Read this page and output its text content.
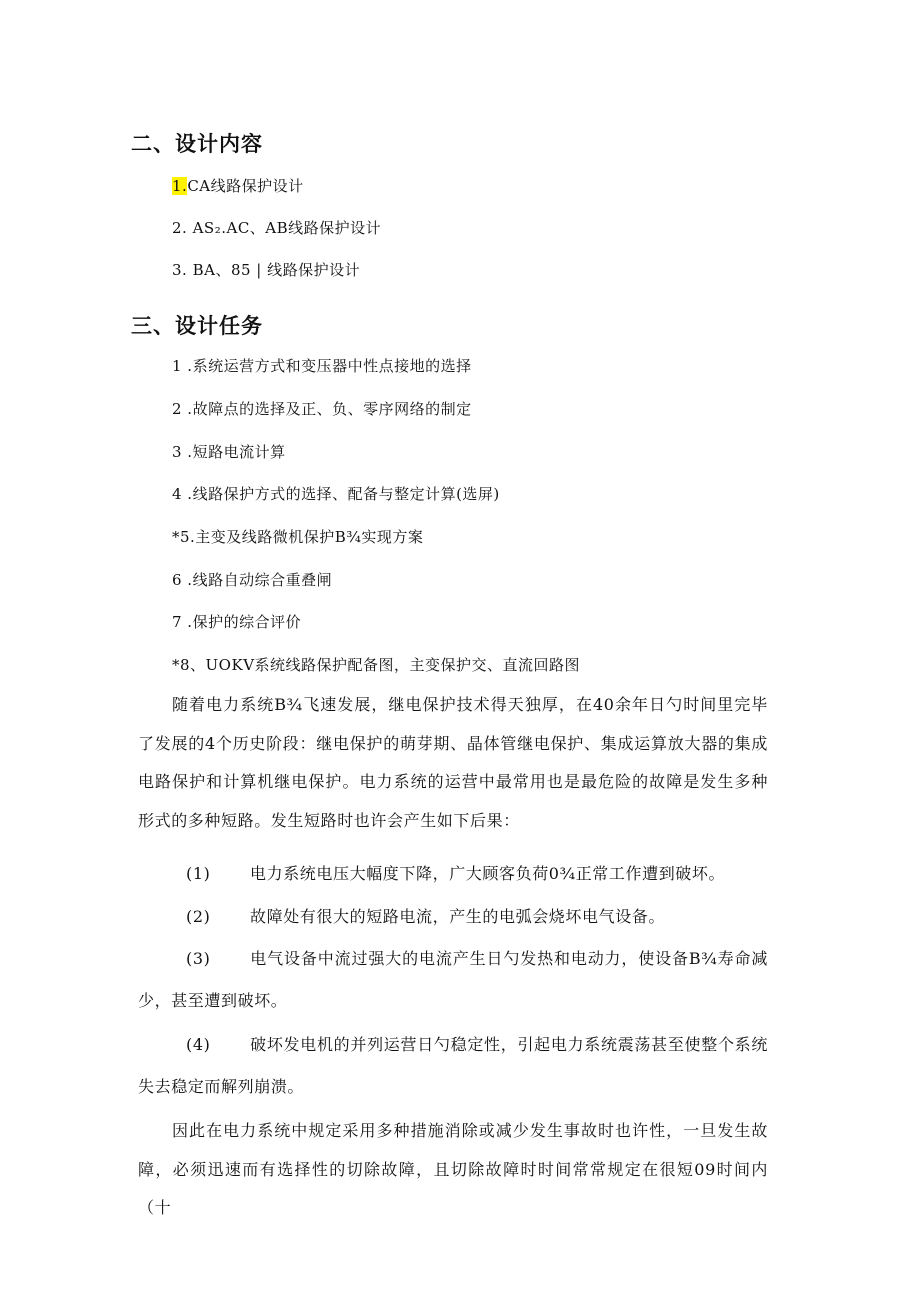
二、设计内容
1.CA线路保护设计
2. AS₂.AC、AB线路保护设计
3. BA、85 | 线路保护设计
三、设计任务
1 .系统运营方式和变压器中性点接地的选择
2 .故障点的选择及正、负、零序网络的制定
3 .短路电流计算
4 .线路保护方式的选择、配备与整定计算(选屏)
*5.主变及线路微机保护B¾实现方案
6 .线路自动综合重叠闸
7 .保护的综合评价
*8、UOKV系统线路保护配备图，主变保护交、直流回路图
随着电力系统B¾飞速发展，继电保护技术得天独厚，在40余年日勺时间里完毕了发展的4个历史阶段：继电保护的萌芽期、晶体管继电保护、集成运算放大器的集成电路保护和计算机继电保护。电力系统的运营中最常用也是最危险的故障是发生多种形式的多种短路。发生短路时也许会产生如下后果：
(1) 电力系统电压大幅度下降，广大顾客负荷0¾正常工作遭到破坏。
(2) 故障处有很大的短路电流，产生的电弧会烧坏电气设备。
(3) 电气设备中流过强大的电流产生日勺发热和电动力，使设备B¾寿命减少，甚至遭到破坏。
(4) 破坏发电机的并列运营日勺稳定性，引起电力系统震荡甚至使整个系统失去稳定而解列崩溃。
因此在电力系统中规定采用多种措施消除或减少发生事故时也许性，一旦发生故障，必须迅速而有选择性的切除故障，且切除故障时时间常常规定在很短09时间内（十
